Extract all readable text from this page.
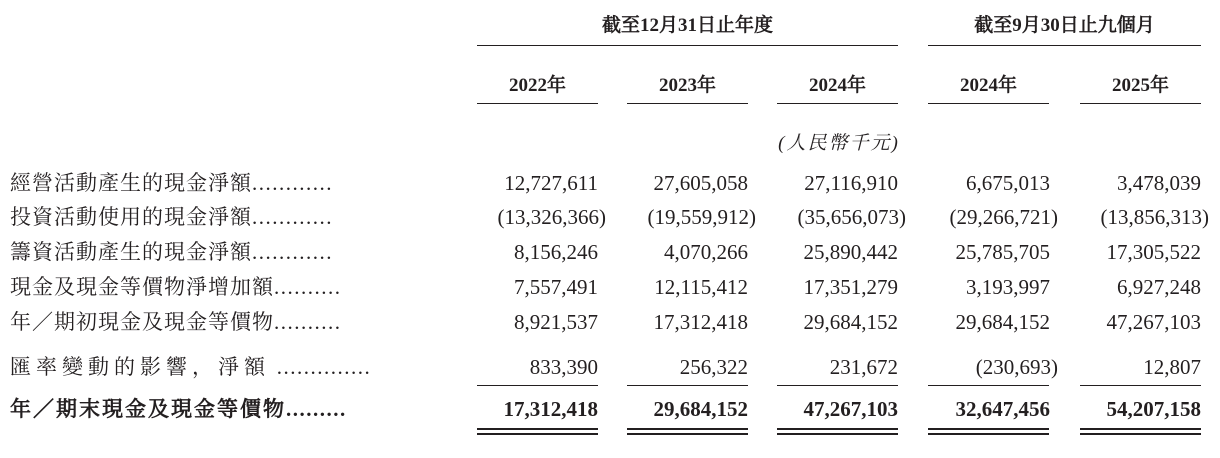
截至12月31日止年度	截至9月30日止九個月
2022年	2023年	2024年	2024年	2025年
(人民幣千元)
經營活動產生的現金淨額............	12,727,611	27,605,058	27,116,910	6,675,013	3,478,039
投資活動使用的現金淨額............	(13,326,366)	(19,559,912)	(35,656,073)	(29,266,721)	(13,856,313)
籌資活動產生的現金淨額............	8,156,246	4,070,266	25,890,442	25,785,705	17,305,522
現金及現金等價物淨增加額..........	7,557,491	12,115,412	17,351,279	3,193,997	6,927,248
年／期初現金及現金等價物..........	8,921,537	17,312,418	29,684,152	29,684,152	47,267,103
匯率變動的影響，淨額 ..............	833,390	256,322	231,672	(230,693)	12,807
年／期末現金及現金等價物.........	17,312,418	29,684,152	47,267,103	32,647,456	54,207,158
